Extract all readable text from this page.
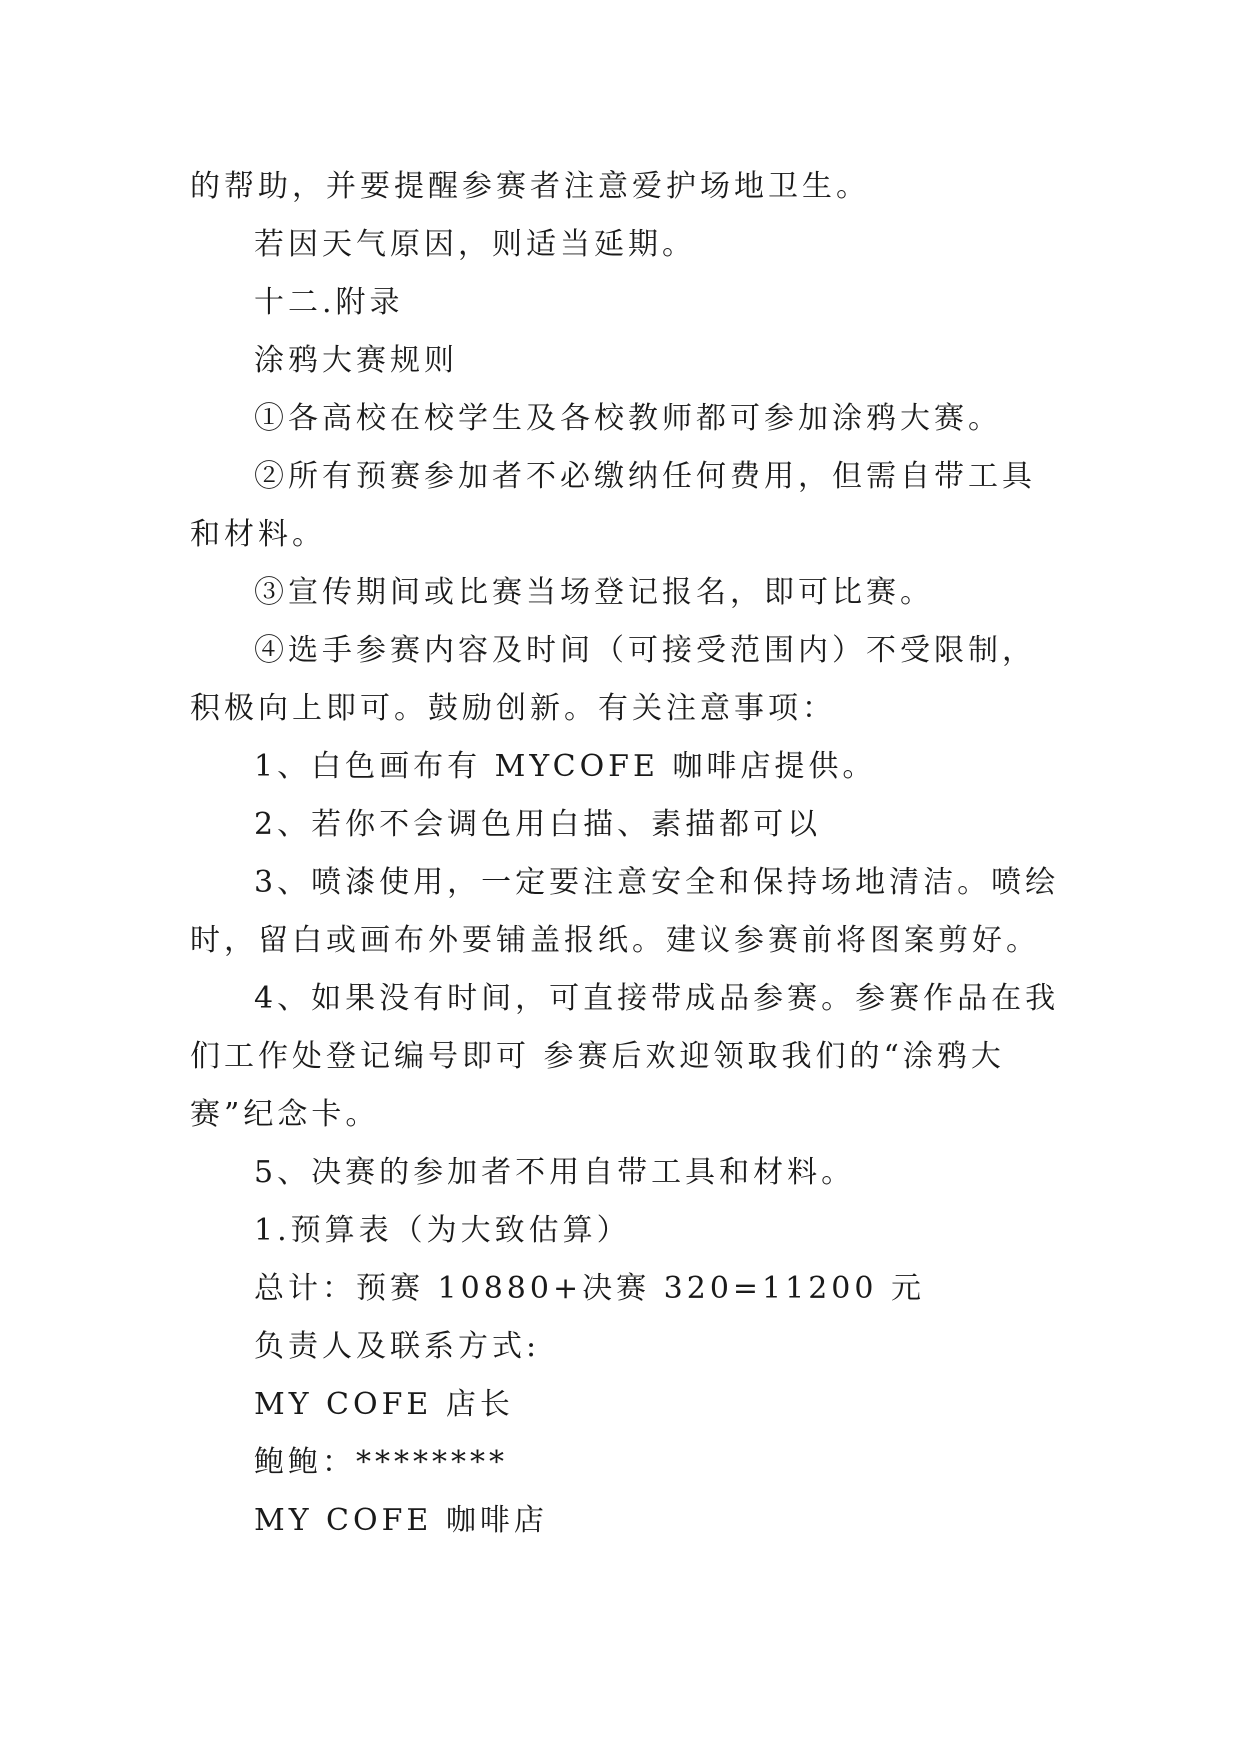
的帮助，并要提醒参赛者注意爱护场地卫生。

若因天气原因，则适当延期。

十二.附录

涂鸦大赛规则

①各高校在校学生及各校教师都可参加涂鸦大赛。

②所有预赛参加者不必缴纳任何费用，但需自带工具和材料。

③宣传期间或比赛当场登记报名，即可比赛。

④选手参赛内容及时间（可接受范围内）不受限制，积极向上即可。鼓励创新。有关注意事项：

1、白色画布有 MYCOFE 咖啡店提供。

2、若你不会调色用白描、素描都可以

3、喷漆使用，一定要注意安全和保持场地清洁。喷绘时，留白或画布外要铺盖报纸。建议参赛前将图案剪好。

4、如果没有时间，可直接带成品参赛。参赛作品在我们工作处登记编号即可 参赛后欢迎领取我们的“涂鸦大赛”纪念卡。

5、决赛的参加者不用自带工具和材料。

1.预算表（为大致估算）

总计：预赛 10880+决赛 320=11200 元

负责人及联系方式:

MY COFE 店长

鲍鲍：********

MY COFE 咖啡店
